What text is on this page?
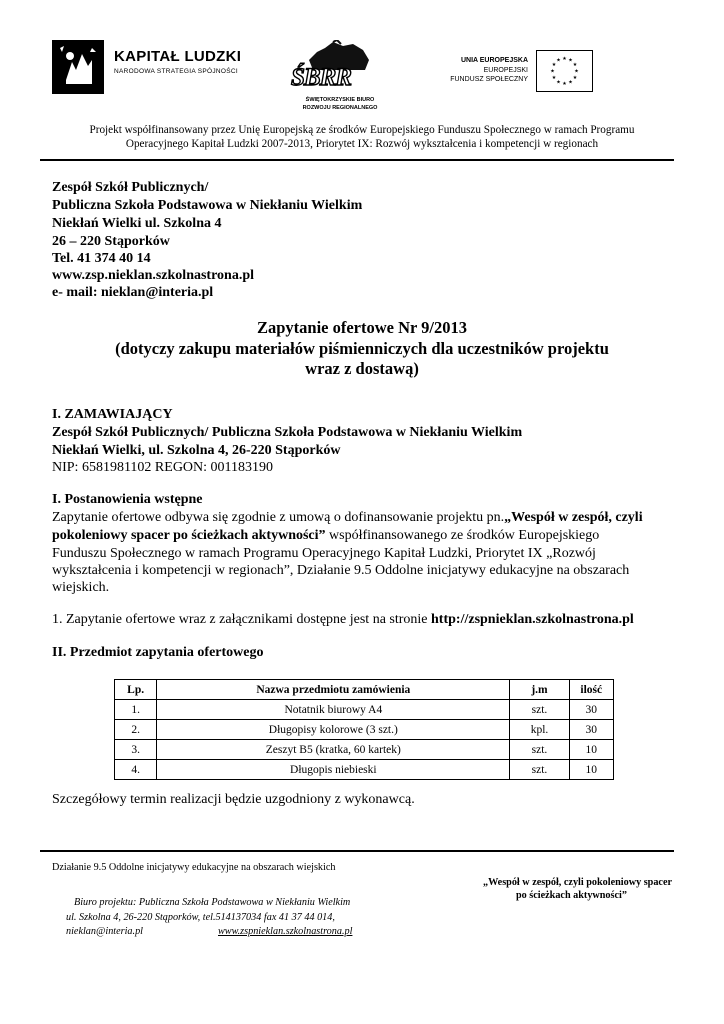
KAPITAŁ LUDZKI
NARODOWA STRATEGIA SPÓJNOŚCI ŚBRR
ŚWIĘTOKRZYSKIE BIURO
ROZWOJU REGIONALNEGO
UNIA EUROPEJSKA
EUROPEJSKI
FUNDUSZ SPOŁECZNY
★ ★
★
★
★
★
★
★
★
★
★
★
Projekt współfinansowany przez Unię Europejską ze środków Europejskiego Funduszu Społecznego w ramach Programu
Operacyjnego Kapitał Ludzki 2007-2013, Priorytet IX: Rozwój wykształcenia i kompetencji w regionach
Zespół Szkół Publicznych/
Publiczna Szkoła Podstawowa w Niekłaniu Wielkim
Niekłań Wielki ul. Szkolna 4
26 – 220 Stąporków
Tel. 41 374 40 14
www.zsp.nieklan.szkolnastrona.pl
e- mail: nieklan@interia.pl
Zapytanie ofertowe Nr 9/2013
(dotyczy zakupu materiałów piśmienniczych dla uczestników projektu
wraz z dostawą)
I. ZAMAWIAJĄCY
Zespół Szkół Publicznych/ Publiczna Szkoła Podstawowa w Niekłaniu Wielkim
Niekłań Wielki, ul. Szkolna 4, 26-220 Stąporków
NIP: 6581981102 REGON: 001183190
I. Postanowienia wstępne
Zapytanie ofertowe odbywa się zgodnie z umową o dofinansowanie projektu pn.„Wespół w zespół, czyli
pokoleniowy spacer po ścieżkach aktywności” współfinansowanego ze środków Europejskiego
Funduszu Społecznego w ramach Programu Operacyjnego Kapitał Ludzki, Priorytet IX „Rozwój
wykształcenia i kompetencji w regionach”, Działanie 9.5 Oddolne inicjatywy edukacyjne na obszarach
wiejskich.
1. Zapytanie ofertowe wraz z załącznikami dostępne jest na stronie http://zspnieklan.szkolnastrona.pl
II. Przedmiot zapytania ofertowego
Lp.	Nazwa przedmiotu zamówienia	j.m	ilość
1.	Notatnik biurowy A4	szt.	30
2.	Długopisy kolorowe (3 szt.)	kpl.	30
3.	Zeszyt B5 (kratka, 60 kartek)	szt.	10
4.	Długopis niebieski	szt.	10
Szczegółowy termin realizacji będzie uzgodniony z wykonawcą.
Działanie 9.5 Oddolne inicjatywy edukacyjne na obszarach wiejskich
„Wespół w zespół, czyli pokoleniowy spacer
po ścieżkach aktywności”
Biuro projektu: Publiczna Szkoła Podstawowa w Niekłaniu Wielkim
ul. Szkolna 4, 26-220 Stąporków, tel.514137034 fax 41 37 44 014,
nieklan@interia.pl	www.zspnieklan.szkolnastrona.pl
